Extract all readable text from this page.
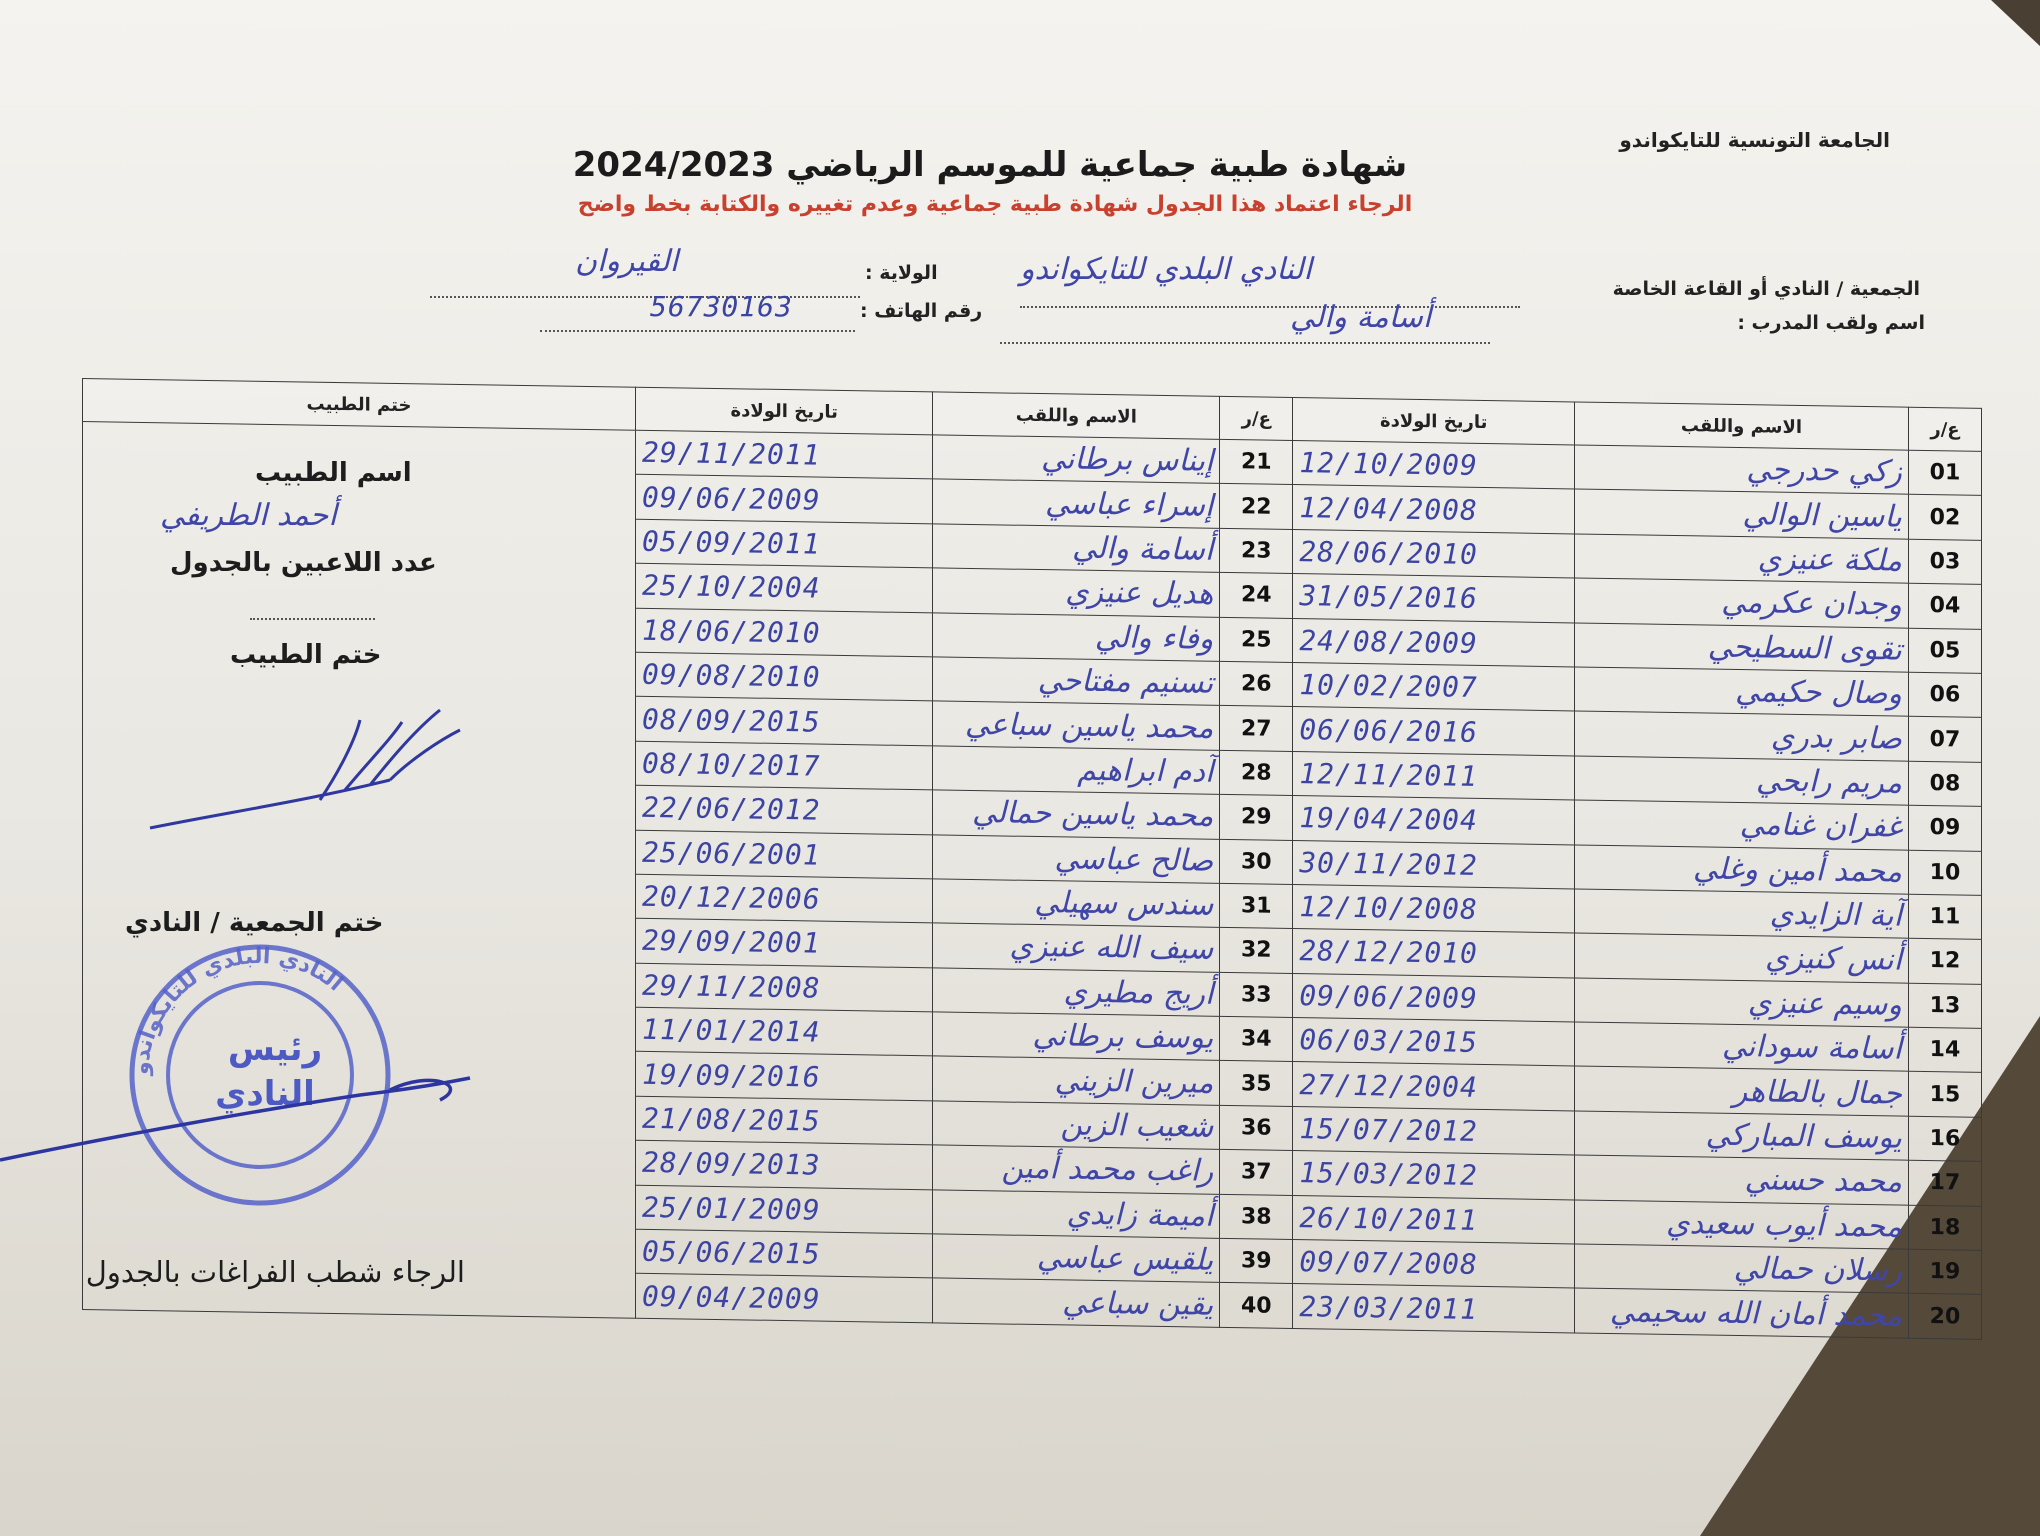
الجامعة التونسية للتايكواندو
شهادة طبية جماعية للموسم الرياضي 2024/2023
الرجاء اعتماد هذا الجدول شهادة طبية جماعية وعدم تغييره والكتابة بخط واضح
الجمعية / النادي أو القاعة الخاصة
النادي البلدي للتايكواندو
الولاية :
القيروان
اسم ولقب المدرب :
أسامة والي
رقم الهاتف :
56730163
ختم الطبيب	تاريخ الولادة	الاسم واللقب	ع/ر	تاريخ الولادة	الاسم واللقب	ع/ر
	29/11/2011	إيناس برطاني	21	12/10/2009	زكي حدرجي	01
	09/06/2009	إسراء عباسي	22	12/04/2008	ياسين الوالي	02
	05/09/2011	أسامة والي	23	28/06/2010	ملكة عنيزي	03
	25/10/2004	هديل عنيزي	24	31/05/2016	وجدان عكرمي	04
	18/06/2010	وفاء والي	25	24/08/2009	تقوى السطيحي	05
	09/08/2010	تسنيم مفتاحي	26	10/02/2007	وصال حكيمي	06
	08/09/2015	محمد ياسين سباعي	27	06/06/2016	صابر بدري	07
	08/10/2017	آدم ابراهيم	28	12/11/2011	مريم رابحي	08
	22/06/2012	محمد ياسين حمالي	29	19/04/2004	غفران غنامي	09
	25/06/2001	صالح عباسي	30	30/11/2012	محمد أمين وغلي	10
	20/12/2006	سندس سهيلي	31	12/10/2008	آية الزايدي	11
	29/09/2001	سيف الله عنيزي	32	28/12/2010	أنس كنيزي	12
	29/11/2008	أريج مطيري	33	09/06/2009	وسيم عنيزي	13
	11/01/2014	يوسف برطاني	34	06/03/2015	أسامة سوداني	14
	19/09/2016	ميرين الزيني	35	27/12/2004	جمال بالطاهر	15
	21/08/2015	شعيب الزين	36	15/07/2012	يوسف المباركي	16
	28/09/2013	راغب محمد أمين	37	15/03/2012	محمد حسني	17
	25/01/2009	أميمة زايدي	38	26/10/2011	محمد أيوب سعيدي	18
	05/06/2015	يلقيس عباسي	39	09/07/2008	رسلان حمالي	19
	09/04/2009	يقين سباعي	40	23/03/2011	محمد أمان الله سحيمي	20
اسم الطبيب
أحمد الطريفي
عدد اللاعبين بالجدول
ختم الطبيب
ختم الجمعية / النادي
النادي البلدي للتايكواندو
رئيس
النادي
الرجاء شطب الفراغات بالجدول
